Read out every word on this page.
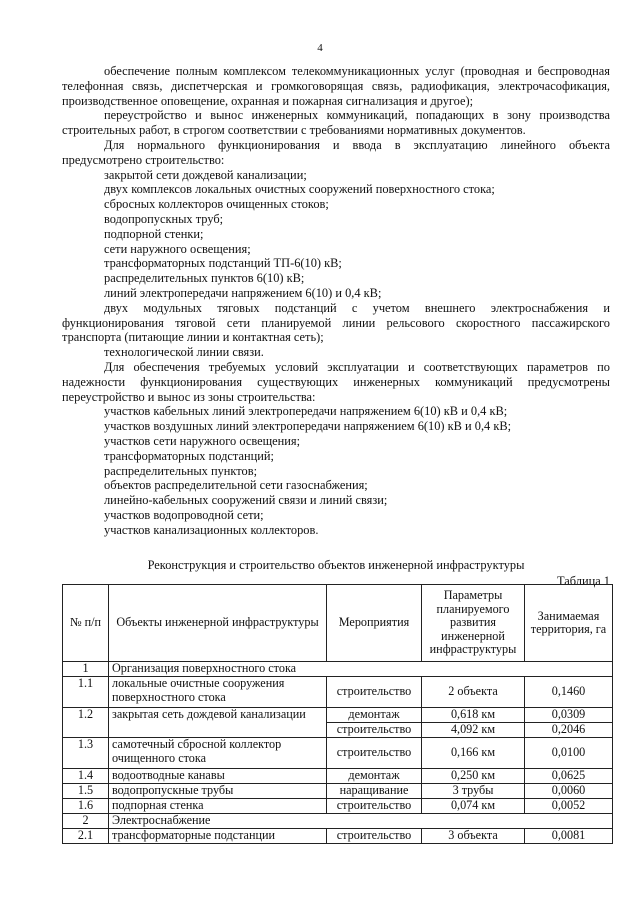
4

обеспечение полным комплексом телекоммуникационных услуг (проводная и беспроводная телефонная связь, диспетчерская и громкоговорящая связь, радиофикация, электрочасофикация, производственное оповещение, охранная и пожарная сигнализация и другое);

переустройство и вынос инженерных коммуникаций, попадающих в зону производства строительных работ, в строгом соответствии с требованиями нормативных документов.

Для нормального функционирования и ввода в эксплуатацию линейного объекта предусмотрено строительство:

закрытой сети дождевой канализации;

двух комплексов локальных очистных сооружений поверхностного стока;

сбросных коллекторов очищенных стоков;

водопропускных труб;

подпорной стенки;

сети наружного освещения;

трансформаторных подстанций ТП-6(10) кВ;

распределительных пунктов 6(10) кВ;

линий электропередачи напряжением 6(10) и 0,4 кВ;

двух модульных тяговых подстанций с учетом внешнего электроснабжения и функционирования тяговой сети планируемой линии рельсового скоростного пассажирского транспорта (питающие линии и контактная сеть);

технологической линии связи.

Для обеспечения требуемых условий эксплуатации и соответствующих параметров по надежности функционирования существующих инженерных коммуникаций предусмотрены переустройство и вынос из зоны строительства:

участков кабельных линий электропередачи напряжением 6(10) кВ и 0,4 кВ;

участков воздушных линий электропередачи напряжением 6(10) кВ и 0,4 кВ;

участков сети наружного освещения;

трансформаторных подстанций;

распределительных пунктов;

объектов распределительной сети газоснабжения;

линейно-кабельных сооружений связи и линий связи;

участков водопроводной сети;

участков канализационных коллекторов.

Реконструкция и строительство объектов инженерной инфраструктуры
Таблица 1
№ п/п	Объекты инженерной инфраструктуры	Мероприятия	Параметры планируемого развития инженерной инфраструктуры	Занимаемая территория, га
1	Организация поверхностного стока			
1.1	локальные очистные сооружения поверхностного стока	строительство	2 объекта	0,1460
1.2	закрытая сеть дождевой канализации	демонтаж	0,618 км	0,0309
		строительство	4,092 км	0,2046
1.3	самотечный сбросной коллектор очищенного стока	строительство	0,166 км	0,0100
1.4	водоотводные канавы	демонтаж	0,250 км	0,0625
1.5	водопропускные трубы	наращивание	3 трубы	0,0060
1.6	подпорная стенка	строительство	0,074 км	0,0052
2	Электроснабжение			
2.1	трансформаторные подстанции	строительство	3 объекта	0,0081
